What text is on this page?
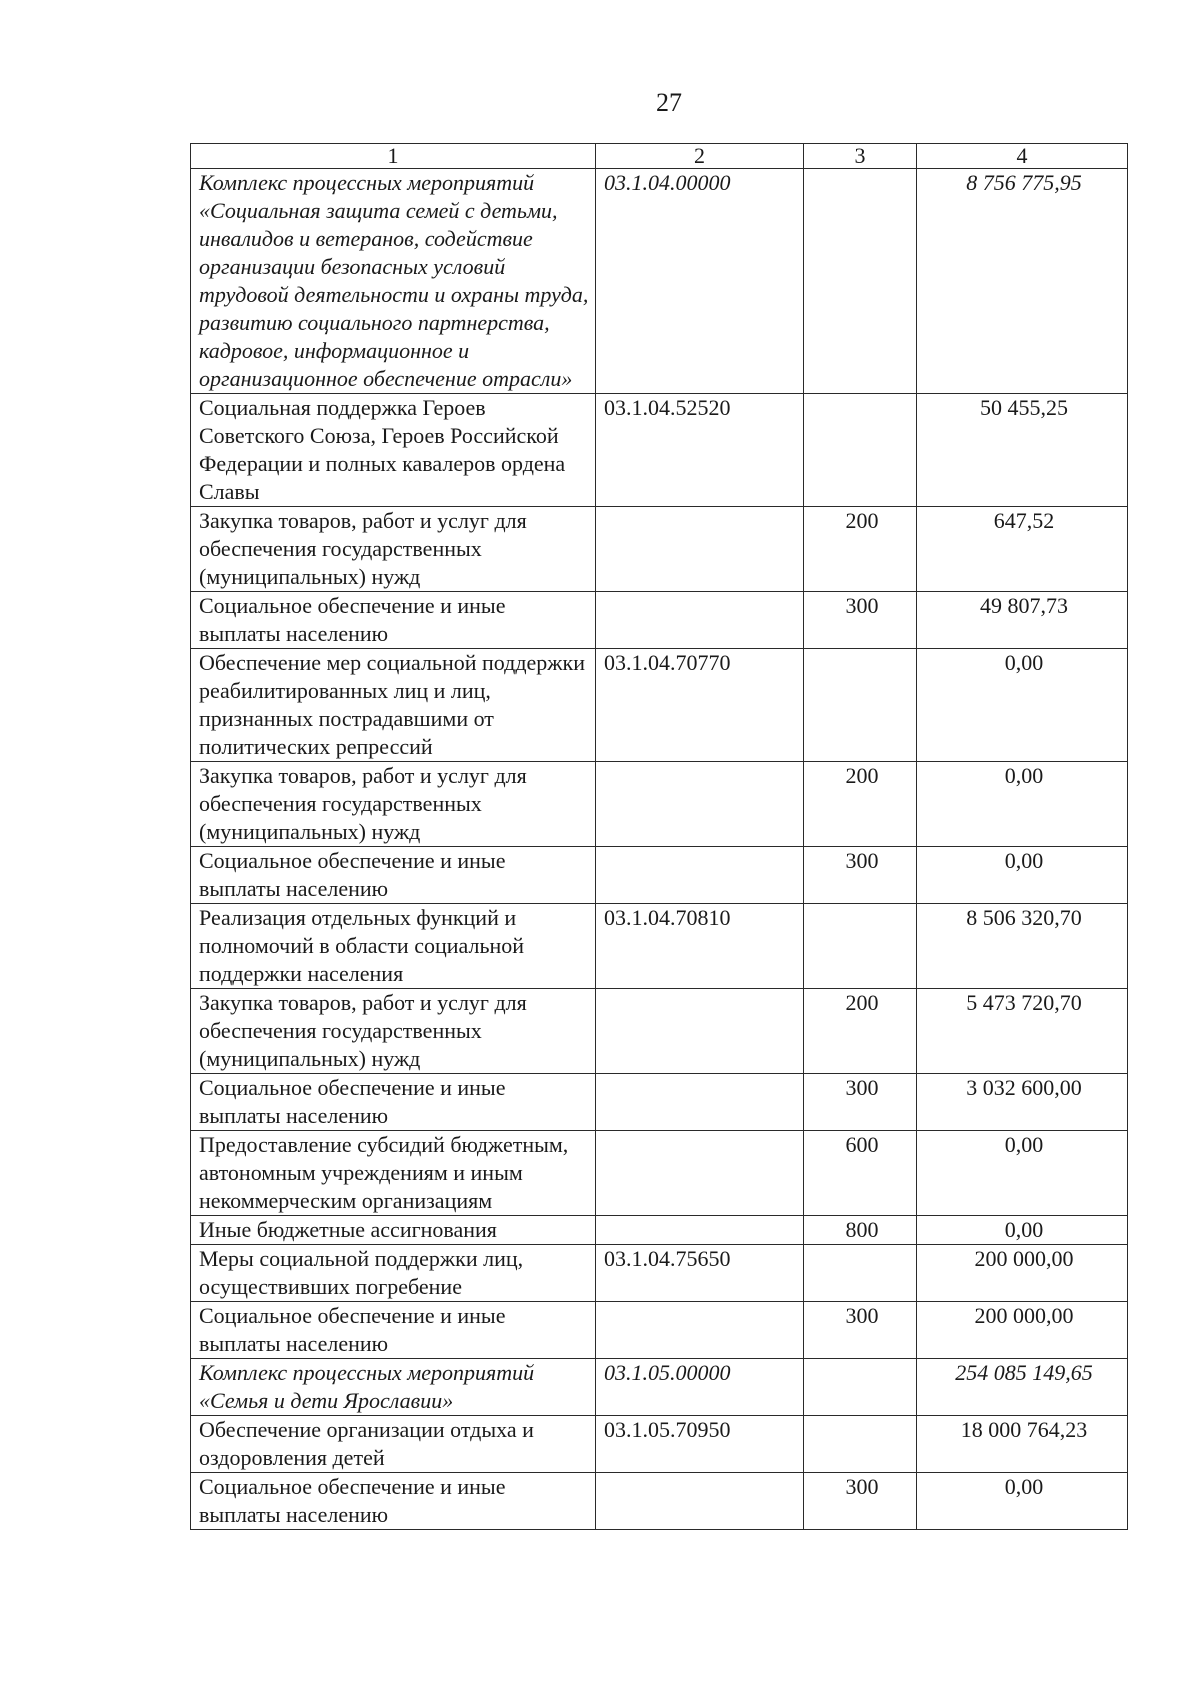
27
1	2	3	4
Комплекс процессных мероприятий «Социальная защита семей с детьми, инвалидов и ветеранов, содействие организации безопасных условий трудовой деятельности и охраны труда, развитию социального партнерства, кадровое, информационное и организационное обеспечение отрасли»	03.1.04.00000		8 756 775,95
Социальная поддержка Героев Советского Союза, Героев Российской Федерации и полных кавалеров ордена Славы	03.1.04.52520		50 455,25
Закупка товаров, работ и услуг для обеспечения государственных (муниципальных) нужд		200	647,52
Социальное обеспечение и иные выплаты населению		300	49 807,73
Обеспечение мер социальной поддержки реабилитированных лиц и лиц, признанных пострадавшими от политических репрессий	03.1.04.70770		0,00
Закупка товаров, работ и услуг для обеспечения государственных (муниципальных) нужд		200	0,00
Социальное обеспечение и иные выплаты населению		300	0,00
Реализация отдельных функций и полномочий в области социальной поддержки населения	03.1.04.70810		8 506 320,70
Закупка товаров, работ и услуг для обеспечения государственных (муниципальных) нужд		200	5 473 720,70
Социальное обеспечение и иные выплаты населению		300	3 032 600,00
Предоставление субсидий бюджетным, автономным учреждениям и иным некоммерческим организациям		600	0,00
Иные бюджетные ассигнования		800	0,00
Меры социальной поддержки лиц, осуществивших погребение	03.1.04.75650		200 000,00
Социальное обеспечение и иные выплаты населению		300	200 000,00
Комплекс процессных мероприятий «Семья и дети Ярославии»	03.1.05.00000		254 085 149,65
Обеспечение организации отдыха и оздоровления детей	03.1.05.70950		18 000 764,23
Социальное обеспечение и иные выплаты населению		300	0,00
